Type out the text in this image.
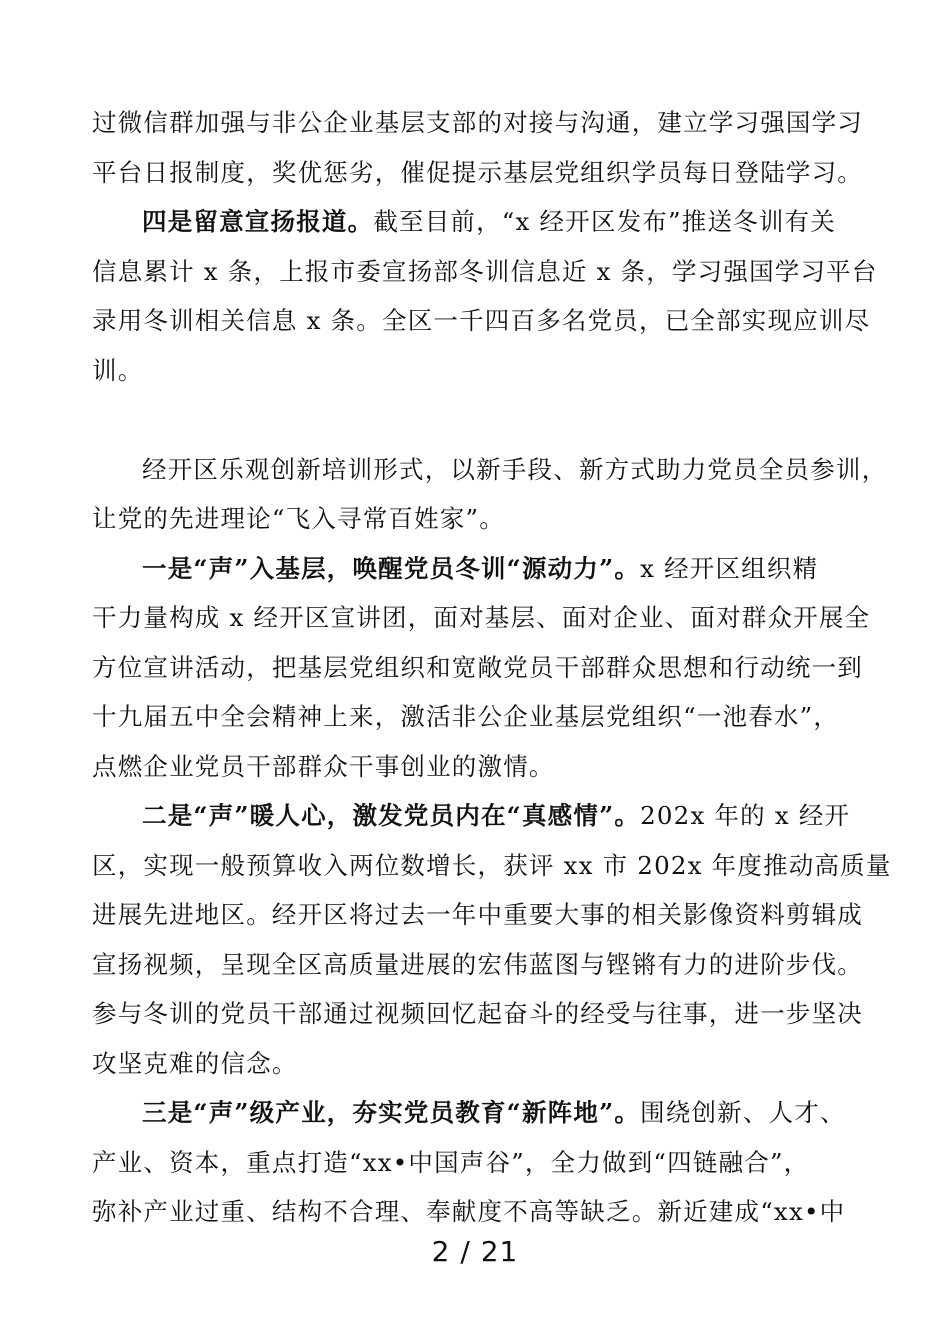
过微信群加强与非公企业基层支部的对接与沟通，建立学习强国学习
平台日报制度，奖优惩劣，催促提示基层党组织学员每日登陆学习。
四是留意宣扬报道。截至目前，“x 经开区发布”推送冬训有关
信息累计 x 条，上报市委宣扬部冬训信息近 x 条，学习强国学习平台
录用冬训相关信息 x 条。全区一千四百多名党员，已全部实现应训尽
训。
经开区乐观创新培训形式，以新手段、新方式助力党员全员参训，
让党的先进理论“飞入寻常百姓家”。
一是“声”入基层，唤醒党员冬训“源动力”。x 经开区组织精
干力量构成 x 经开区宣讲团，面对基层、面对企业、面对群众开展全
方位宣讲活动，把基层党组织和宽敞党员干部群众思想和行动统一到
十九届五中全会精神上来，激活非公企业基层党组织“一池春水”，
点燃企业党员干部群众干事创业的激情。
二是“声”暖人心，激发党员内在“真感情”。202x 年的 x 经开
区，实现一般预算收入两位数增长，获评 xx 市 202x 年度推动高质量
进展先进地区。经开区将过去一年中重要大事的相关影像资料剪辑成
宣扬视频，呈现全区高质量进展的宏伟蓝图与铿锵有力的进阶步伐。
参与冬训的党员干部通过视频回忆起奋斗的经受与往事，进一步坚决
攻坚克难的信念。
三是“声”级产业，夯实党员教育“新阵地”。围绕创新、人才、
产业、资本，重点打造“xx•中国声谷”，全力做到“四链融合”，
弥补产业过重、结构不合理、奉献度不高等缺乏。新近建成“xx•中
2 / 21
